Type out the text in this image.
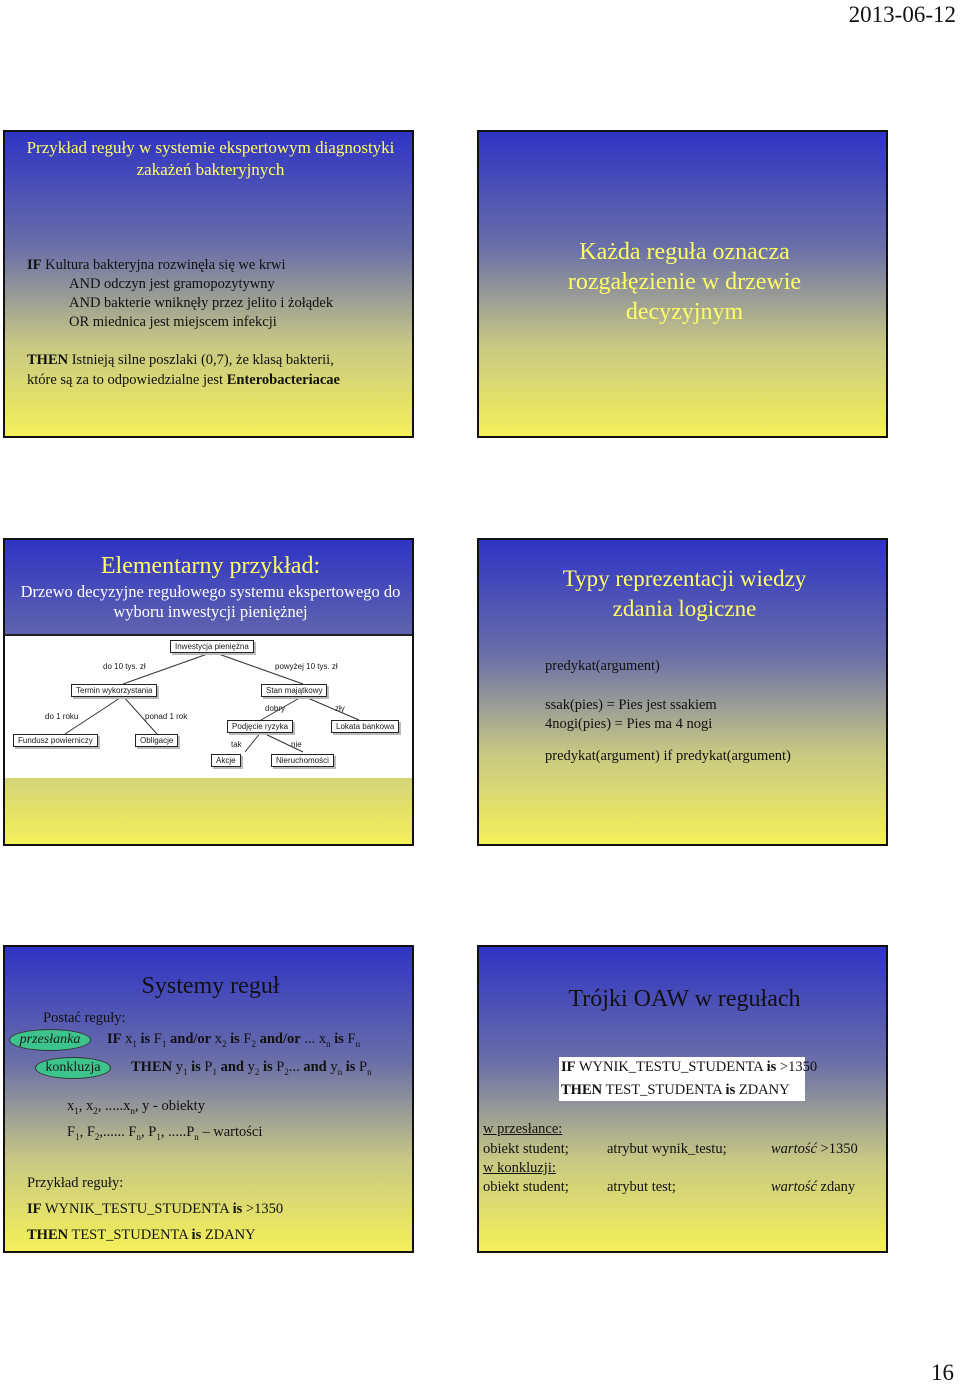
2013-06-12
Przykład reguły w systemie ekspertowym diagnostyki zakażeń bakteryjnych
IF Kultura bakteryjna rozwinęła się we krwi
AND odczyn jest gramopozytywny
AND bakterie wniknęły przez jelito i żołądek
OR miednica jest miejscem infekcji
THEN Istnieją silne poszlaki (0,7), że klasą bakterii,
które są za to odpowiedzialne jest Enterobacteriacae
Każda reguła oznacza
rozgałęzienie w drzewie
decyzyjnym
Elementarny przykład:
Drzewo decyzyjne regułowego systemu ekspertowego do wyboru inwestycji pieniężnej
Inwestycja pieniężna
do 10 tys. zł	powyżej 10 tys. zł
Termin wykorzystania	Stan majątkowy
do 1 roku	ponad 1 rok
dobry	zły
Fundusz powierniczy	Obligacje
Podjęcie ryzyka	Lokata bankowa
tak	nie
Akcje	Nieruchomości
Typy reprezentacji wiedzy
zdania logiczne
predykat(argument)
ssak(pies) = Pies jest ssakiem
4nogi(pies) = Pies ma 4 nogi
predykat(argument) if predykat(argument)
Systemy reguł
Postać reguły:
przesłanka
konkluzja
IF $x_1$ is $F_1$ and/or $x_2$ is $F_2$ and/or ... $x_n$ is $F_n$
THEN $y_1$ is $P_1$ and $y_2$ is $P_2$... and $y_n$ is $P_n$
$x_1$, $x_2$, $.....x_n$, y - obiekty
$F_1$, $F_2$,...... $F_n$, $P_1$, $.....P_n$ – wartości
Przykład reguły:
IF WYNIK_TESTU_STUDENTA is >1350
THEN TEST_STUDENTA is ZDANY
Trójki OAW w regułach
IF WYNIK_TESTU_STUDENTA is >1350
THEN TEST_STUDENTA is ZDANY
w przesłance:
obiekt student;	atrybut wynik_testu;	wartość >1350
w konkluzji:
obiekt student;	atrybut test;	wartość zdany
16
